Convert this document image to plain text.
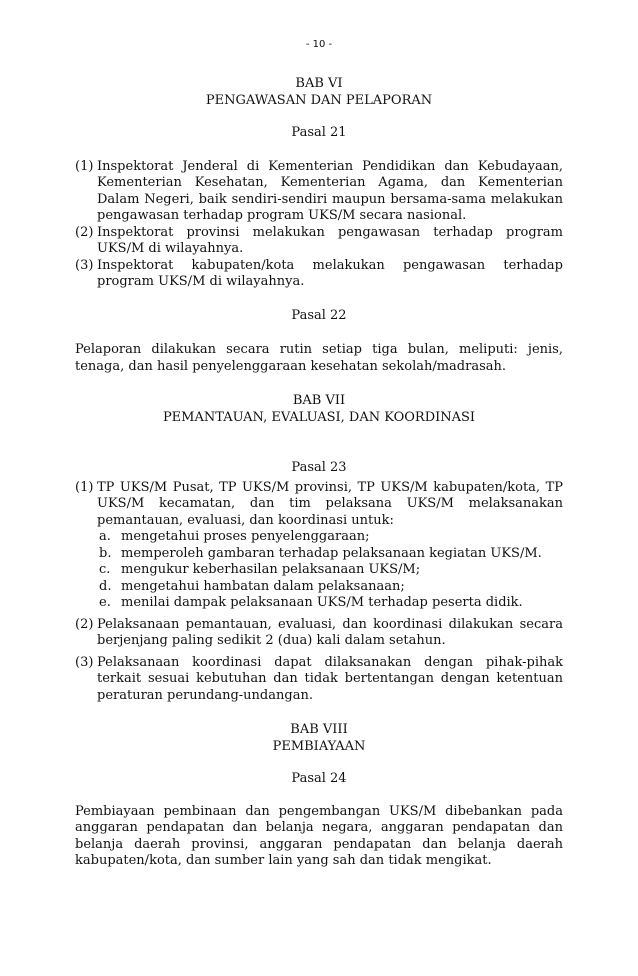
- 10 -
BAB VI
PENGAWASAN DAN PELAPORAN
Pasal 21
(1) Inspektorat Jenderal di Kementerian Pendidikan dan Kebudayaan, Kementerian Kesehatan, Kementerian Agama, dan Kementerian Dalam Negeri, baik sendiri-sendiri maupun bersama-sama melakukan pengawasan terhadap program UKS/M secara nasional.
(2) Inspektorat provinsi melakukan pengawasan terhadap program UKS/M di wilayahnya.
(3) Inspektorat kabupaten/kota melakukan pengawasan terhadap program UKS/M di wilayahnya.
Pasal 22
Pelaporan dilakukan secara rutin setiap tiga bulan, meliputi: jenis, tenaga, dan hasil penyelenggaraan kesehatan sekolah/madrasah.
BAB VII
PEMANTAUAN, EVALUASI, DAN KOORDINASI
Pasal 23
(1) TP UKS/M Pusat, TP UKS/M provinsi, TP UKS/M kabupaten/kota, TP UKS/M kecamatan, dan tim pelaksana UKS/M melaksanakan pemantauan, evaluasi, dan koordinasi untuk:
a. mengetahui proses penyelenggaraan;
b. memperoleh gambaran terhadap pelaksanaan kegiatan UKS/M.
c. mengukur keberhasilan pelaksanaan UKS/M;
d. mengetahui hambatan dalam pelaksanaan;
e. menilai dampak pelaksanaan UKS/M terhadap peserta didik.
(2) Pelaksanaan pemantauan, evaluasi, dan koordinasi dilakukan secara berjenjang paling sedikit 2 (dua) kali dalam setahun.
(3) Pelaksanaan koordinasi dapat dilaksanakan dengan pihak-pihak terkait sesuai kebutuhan dan tidak bertentangan dengan ketentuan peraturan perundang-undangan.
BAB VIII
PEMBIAYAAN
Pasal 24
Pembiayaan pembinaan dan pengembangan UKS/M dibebankan pada anggaran pendapatan dan belanja negara, anggaran pendapatan dan belanja daerah provinsi, anggaran pendapatan dan belanja daerah kabupaten/kota, dan sumber lain yang sah dan tidak mengikat.
